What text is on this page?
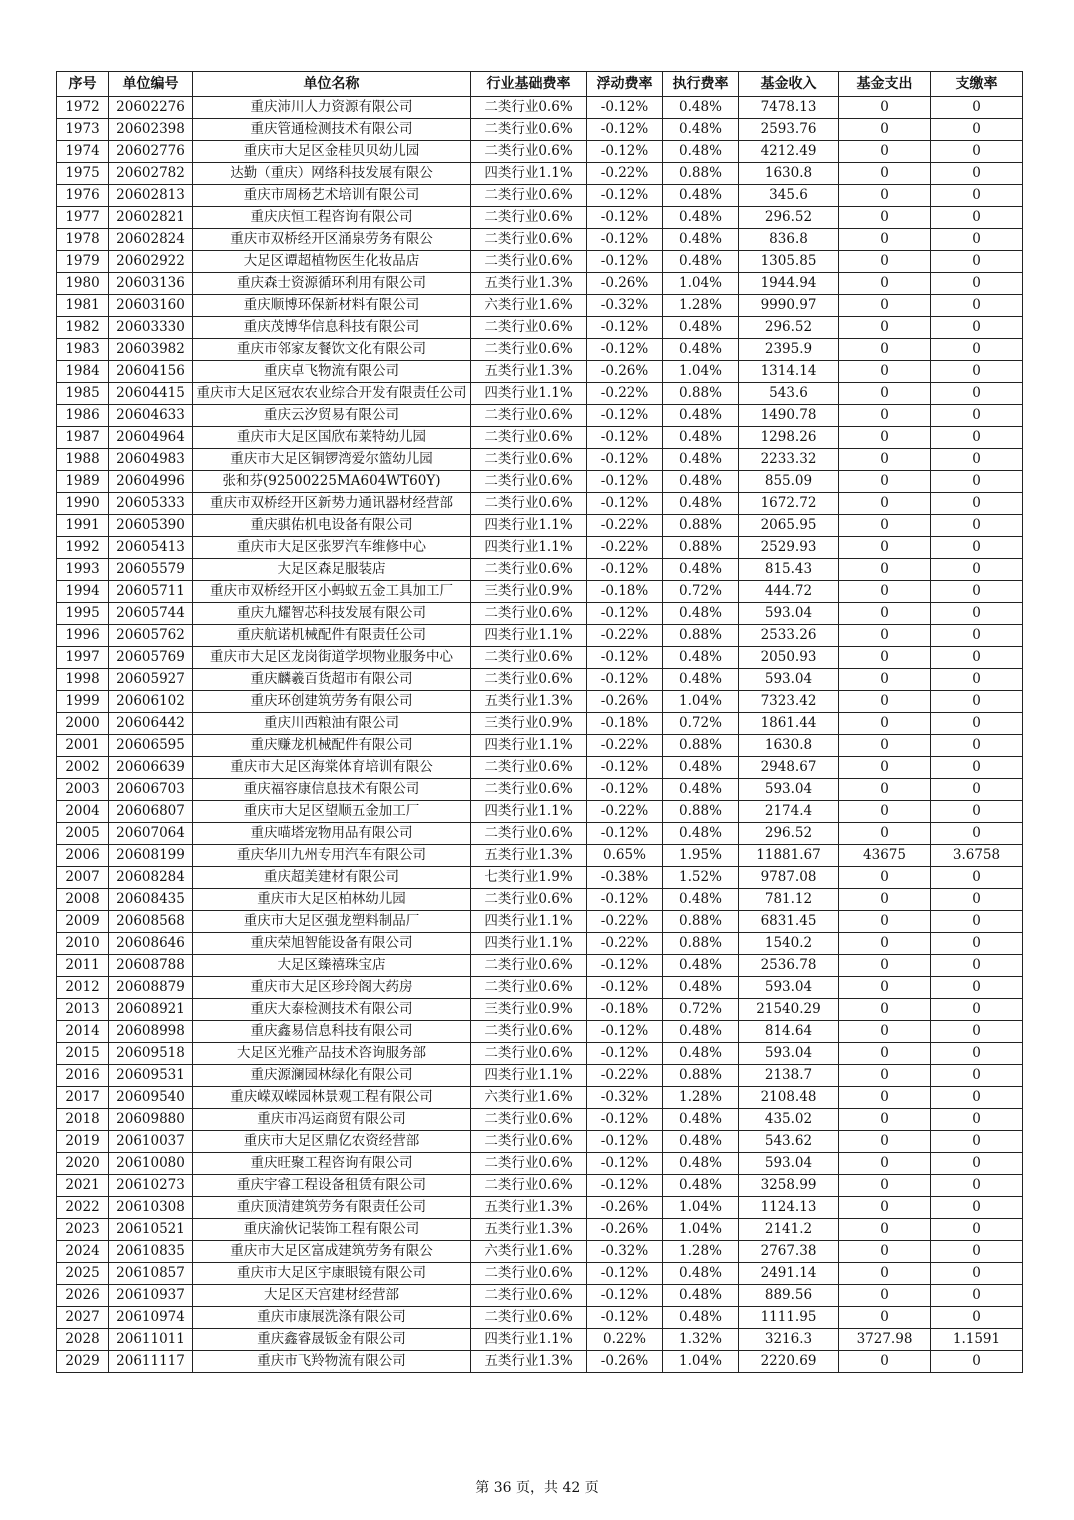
序号	单位编号	单位名称	行业基础费率	浮动费率	执行费率	基金收入	基金支出	支缴率
1972	20602276	重庆沛川人力资源有限公司	二类行业0.6%	-0.12%	0.48%	7478.13	0	0
1973	20602398	重庆管通检测技术有限公司	二类行业0.6%	-0.12%	0.48%	2593.76	0	0
1974	20602776	重庆市大足区金桂贝贝幼儿园	二类行业0.6%	-0.12%	0.48%	4212.49	0	0
1975	20602782	达勤（重庆）网络科技发展有限公	四类行业1.1%	-0.22%	0.88%	1630.8	0	0
1976	20602813	重庆市周杨艺术培训有限公司	二类行业0.6%	-0.12%	0.48%	345.6	0	0
1977	20602821	重庆庆恒工程咨询有限公司	二类行业0.6%	-0.12%	0.48%	296.52	0	0
1978	20602824	重庆市双桥经开区涌泉劳务有限公	二类行业0.6%	-0.12%	0.48%	836.8	0	0
1979	20602922	大足区谭超植物医生化妆品店	二类行业0.6%	-0.12%	0.48%	1305.85	0	0
1980	20603136	重庆森士资源循环利用有限公司	五类行业1.3%	-0.26%	1.04%	1944.94	0	0
1981	20603160	重庆顺博环保新材料有限公司	六类行业1.6%	-0.32%	1.28%	9990.97	0	0
1982	20603330	重庆茂博华信息科技有限公司	二类行业0.6%	-0.12%	0.48%	296.52	0	0
1983	20603982	重庆市邻家友餐饮文化有限公司	二类行业0.6%	-0.12%	0.48%	2395.9	0	0
1984	20604156	重庆卓飞物流有限公司	五类行业1.3%	-0.26%	1.04%	1314.14	0	0
1985	20604415	重庆市大足区冠农农业综合开发有限责任公司	四类行业1.1%	-0.22%	0.88%	543.6	0	0
1986	20604633	重庆云汐贸易有限公司	二类行业0.6%	-0.12%	0.48%	1490.78	0	0
1987	20604964	重庆市大足区国欣布莱特幼儿园	二类行业0.6%	-0.12%	0.48%	1298.26	0	0
1988	20604983	重庆市大足区铜锣湾爱尔篮幼儿园	二类行业0.6%	-0.12%	0.48%	2233.32	0	0
1989	20604996	张和芬(92500225MA604WT60Y)	二类行业0.6%	-0.12%	0.48%	855.09	0	0
1990	20605333	重庆市双桥经开区新势力通讯器材经营部	二类行业0.6%	-0.12%	0.48%	1672.72	0	0
1991	20605390	重庆骐佑机电设备有限公司	四类行业1.1%	-0.22%	0.88%	2065.95	0	0
1992	20605413	重庆市大足区张罗汽车维修中心	四类行业1.1%	-0.22%	0.88%	2529.93	0	0
1993	20605579	大足区森足服装店	二类行业0.6%	-0.12%	0.48%	815.43	0	0
1994	20605711	重庆市双桥经开区小蚂蚁五金工具加工厂	三类行业0.9%	-0.18%	0.72%	444.72	0	0
1995	20605744	重庆九耀智芯科技发展有限公司	二类行业0.6%	-0.12%	0.48%	593.04	0	0
1996	20605762	重庆航诺机械配件有限责任公司	四类行业1.1%	-0.22%	0.88%	2533.26	0	0
1997	20605769	重庆市大足区龙岗街道学坝物业服务中心	二类行业0.6%	-0.12%	0.48%	2050.93	0	0
1998	20605927	重庆麟羲百货超市有限公司	二类行业0.6%	-0.12%	0.48%	593.04	0	0
1999	20606102	重庆环创建筑劳务有限公司	五类行业1.3%	-0.26%	1.04%	7323.42	0	0
2000	20606442	重庆川西粮油有限公司	三类行业0.9%	-0.18%	0.72%	1861.44	0	0
2001	20606595	重庆赚龙机械配件有限公司	四类行业1.1%	-0.22%	0.88%	1630.8	0	0
2002	20606639	重庆市大足区海棠体育培训有限公	二类行业0.6%	-0.12%	0.48%	2948.67	0	0
2003	20606703	重庆福容康信息技术有限公司	二类行业0.6%	-0.12%	0.48%	593.04	0	0
2004	20606807	重庆市大足区望顺五金加工厂	四类行业1.1%	-0.22%	0.88%	2174.4	0	0
2005	20607064	重庆喵塔宠物用品有限公司	二类行业0.6%	-0.12%	0.48%	296.52	0	0
2006	20608199	重庆华川九州专用汽车有限公司	五类行业1.3%	0.65%	1.95%	11881.67	43675	3.6758
2007	20608284	重庆超美建材有限公司	七类行业1.9%	-0.38%	1.52%	9787.08	0	0
2008	20608435	重庆市大足区柏林幼儿园	二类行业0.6%	-0.12%	0.48%	781.12	0	0
2009	20608568	重庆市大足区强龙塑料制品厂	四类行业1.1%	-0.22%	0.88%	6831.45	0	0
2010	20608646	重庆荣旭智能设备有限公司	四类行业1.1%	-0.22%	0.88%	1540.2	0	0
2011	20608788	大足区臻禧珠宝店	二类行业0.6%	-0.12%	0.48%	2536.78	0	0
2012	20608879	重庆市大足区珍玲阁大药房	二类行业0.6%	-0.12%	0.48%	593.04	0	0
2013	20608921	重庆大泰检测技术有限公司	三类行业0.9%	-0.18%	0.72%	21540.29	0	0
2014	20608998	重庆鑫易信息科技有限公司	二类行业0.6%	-0.12%	0.48%	814.64	0	0
2015	20609518	大足区光雅产品技术咨询服务部	二类行业0.6%	-0.12%	0.48%	593.04	0	0
2016	20609531	重庆源澜园林绿化有限公司	四类行业1.1%	-0.22%	0.88%	2138.7	0	0
2017	20609540	重庆嵘双嵘园林景观工程有限公司	六类行业1.6%	-0.32%	1.28%	2108.48	0	0
2018	20609880	重庆市冯运商贸有限公司	二类行业0.6%	-0.12%	0.48%	435.02	0	0
2019	20610037	重庆市大足区鼎亿农资经营部	二类行业0.6%	-0.12%	0.48%	543.62	0	0
2020	20610080	重庆旺聚工程咨询有限公司	二类行业0.6%	-0.12%	0.48%	593.04	0	0
2021	20610273	重庆宇睿工程设备租赁有限公司	二类行业0.6%	-0.12%	0.48%	3258.99	0	0
2022	20610308	重庆顶清建筑劳务有限责任公司	五类行业1.3%	-0.26%	1.04%	1124.13	0	0
2023	20610521	重庆渝伙记装饰工程有限公司	五类行业1.3%	-0.26%	1.04%	2141.2	0	0
2024	20610835	重庆市大足区富成建筑劳务有限公	六类行业1.6%	-0.32%	1.28%	2767.38	0	0
2025	20610857	重庆市大足区宇康眼镜有限公司	二类行业0.6%	-0.12%	0.48%	2491.14	0	0
2026	20610937	大足区天宫建材经营部	二类行业0.6%	-0.12%	0.48%	889.56	0	0
2027	20610974	重庆市康展洗涤有限公司	二类行业0.6%	-0.12%	0.48%	1111.95	0	0
2028	20611011	重庆鑫睿晟钣金有限公司	四类行业1.1%	0.22%	1.32%	3216.3	3727.98	1.1591
2029	20611117	重庆市飞羚物流有限公司	五类行业1.3%	-0.26%	1.04%	2220.69	0	0
第 36 页，共 42 页
